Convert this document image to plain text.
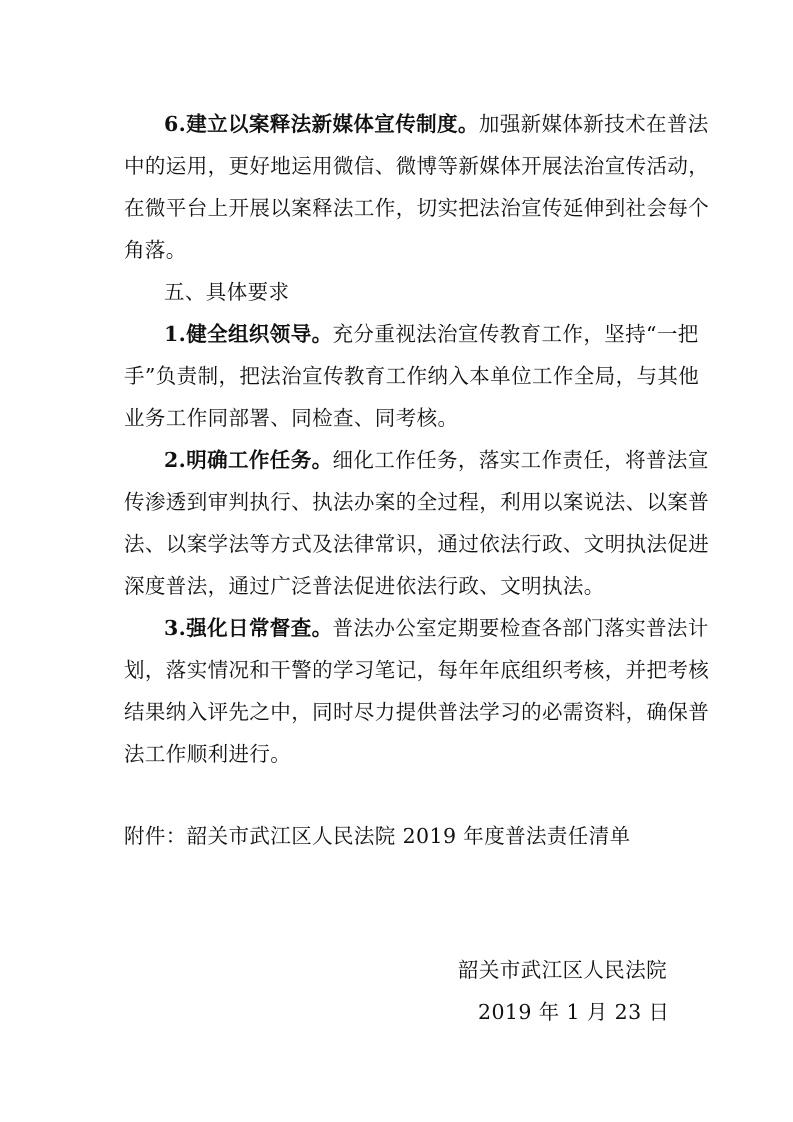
6.建立以案释法新媒体宣传制度。加强新媒体新技术在普法
中的运用，更好地运用微信、微博等新媒体开展法治宣传活动，
在微平台上开展以案释法工作，切实把法治宣传延伸到社会每个
角落。
五、具体要求
1.健全组织领导。充分重视法治宣传教育工作，坚持“一把
手”负责制，把法治宣传教育工作纳入本单位工作全局，与其他
业务工作同部署、同检查、同考核。
2.明确工作任务。细化工作任务，落实工作责任，将普法宣
传渗透到审判执行、执法办案的全过程，利用以案说法、以案普
法、以案学法等方式及法律常识，通过依法行政、文明执法促进
深度普法，通过广泛普法促进依法行政、文明执法。
3.强化日常督查。普法办公室定期要检查各部门落实普法计
划，落实情况和干警的学习笔记，每年年底组织考核，并把考核
结果纳入评先之中，同时尽力提供普法学习的必需资料，确保普
法工作顺利进行。
附件：韶关市武江区人民法院 2019 年度普法责任清单
韶关市武江区人民法院
2019 年 1 月 23 日
